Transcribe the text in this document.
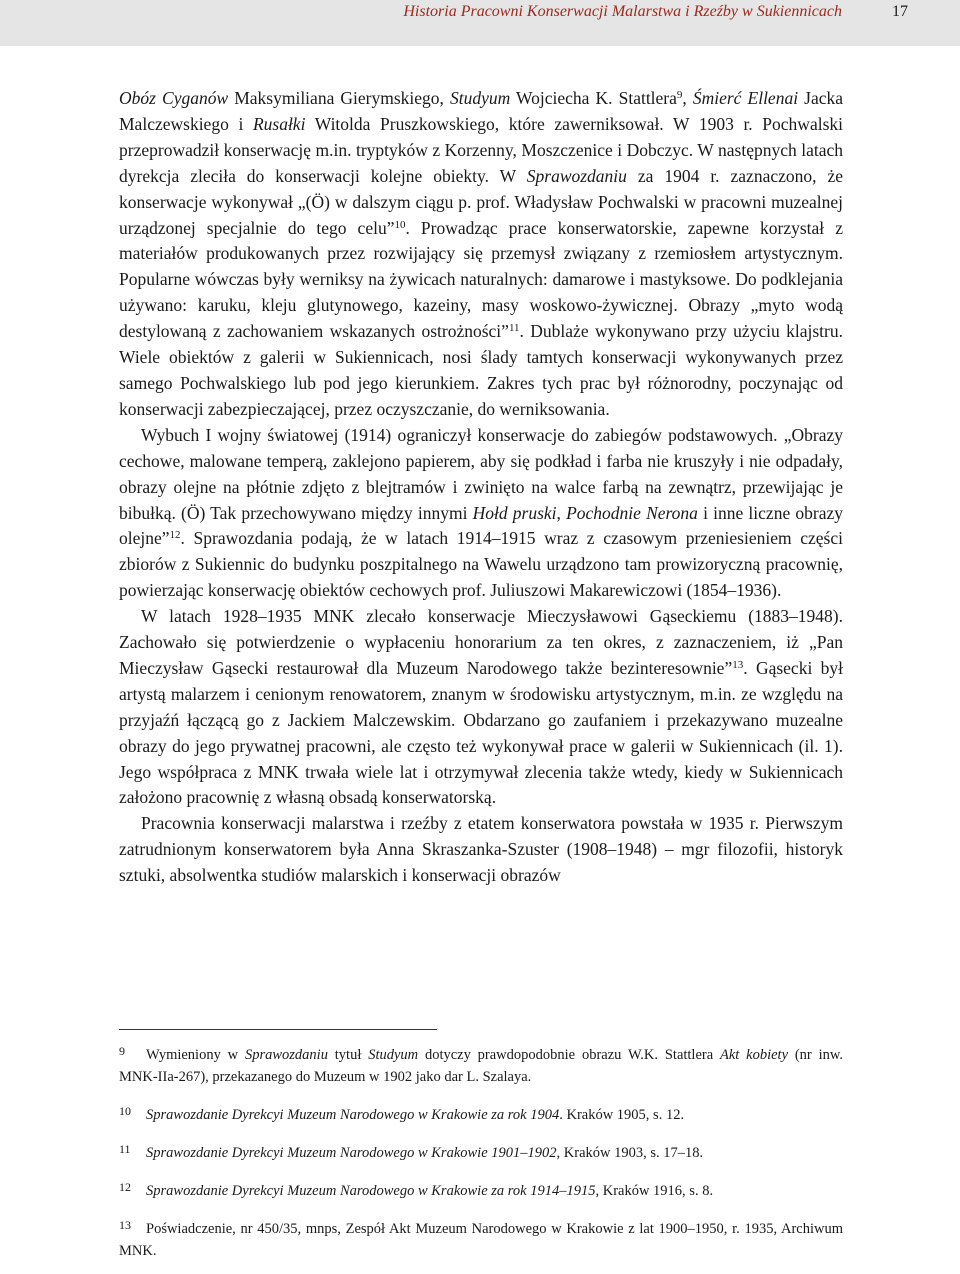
Historia Pracowni Konserwacji Malarstwa i Rzeźby w Sukiennicach	17

Obóz Cyganów Maksymiliana Gierymskiego, Studyum Wojciecha K. Stattlera$^9$, Śmierć Ellenai Jacka Malczewskiego i Rusałki Witolda Pruszkowskiego, które zawerniksował. W 1903 r. Pochwalski przeprowadził konserwację m.in. tryptyków z Korzenny, Moszczenice i Dobczyc. W następnych latach dyrekcja zleciła do konserwacji kolejne obiekty. W Sprawozdaniu za 1904 r. zaznaczono, że konserwacje wykonywał „(Ö) w dalszym ciągu p. prof. Władysław Pochwalski w pracowni muzealnej urządzonej specjalnie do tego celu”$^{10}$. Prowadząc prace konserwatorskie, zapewne korzystał z materiałów produkowanych przez rozwijający się przemysł związany z rzemiosłem artystycznym. Popularne wówczas były werniksy na żywicach naturalnych: damarowe i mastyksowe. Do podklejania używano: karuku, kleju glutynowego, kazeiny, masy woskowo-żywicznej. Obrazy „myto wodą destylowaną z zachowaniem wskazanych ostrożności”$^{11}$. Dublaże wykonywano przy użyciu klajstru. Wiele obiektów z galerii w Sukiennicach, nosi ślady tamtych konserwacji wykonywanych przez samego Pochwalskiego lub pod jego kierunkiem. Zakres tych prac był różnorodny, poczynając od konserwacji zabezpieczającej, przez oczyszczanie, do werniksowania.

Wybuch I wojny światowej (1914) ograniczył konserwacje do zabiegów podstawowych. „Obrazy cechowe, malowane temperą, zaklejono papierem, aby się podkład i farba nie kruszyły i nie odpadały, obrazy olejne na płótnie zdjęto z blejtramów i zwinięto na walce farbą na zewnątrz, przewijając je bibułką. (Ö) Tak przechowywano między innymi Hołd pruski, Pochodnie Nerona i inne liczne obrazy olejne”$^{12}$. Sprawozdania podają, że w latach 1914–1915 wraz z czasowym przeniesieniem części zbiorów z Sukiennic do budynku poszpitalnego na Wawelu urządzono tam prowizoryczną pracownię, powierzając konserwację obiektów cechowych prof. Juliuszowi Makarewiczowi (1854–1936).

W latach 1928–1935 MNK zlecało konserwacje Mieczysławowi Gąseckiemu (1883–1948). Zachowało się potwierdzenie o wypłaceniu honorarium za ten okres, z zaznaczeniem, iż „Pan Mieczysław Gąsecki restaurował dla Muzeum Narodowego także bezinteresownie”$^{13}$. Gąsecki był artystą malarzem i cenionym renowatorem, znanym w środowisku artystycznym, m.in. ze względu na przyjaźń łączącą go z Jackiem Malczewskim. Obdarzano go zaufaniem i przekazywano muzealne obrazy do jego prywatnej pracowni, ale często też wykonywał prace w galerii w Sukiennicach (il. 1). Jego współpraca z MNK trwała wiele lat i otrzymywał zlecenia także wtedy, kiedy w Sukiennicach założono pracownię z własną obsadą konserwatorską.

Pracownia konserwacji malarstwa i rzeźby z etatem konserwatora powstała w 1935 r. Pierwszym zatrudnionym konserwatorem była Anna Skraszanka-Szuster (1908–1948) – mgr filozofii, historyk sztuki, absolwentka studiów malarskich i konserwacji obrazów

9 Wymieniony w Sprawozdaniu tytuł Studyum dotyczy prawdopodobnie obrazu W.K. Stattlera Akt kobiety (nr inw. MNK-IIa-267), przekazanego do Muzeum w 1902 jako dar L. Szalaya.
10 Sprawozdanie Dyrekcyi Muzeum Narodowego w Krakowie za rok 1904. Kraków 1905, s. 12.
11 Sprawozdanie Dyrekcyi Muzeum Narodowego w Krakowie 1901–1902, Kraków 1903, s. 17–18.
12 Sprawozdanie Dyrekcyi Muzeum Narodowego w Krakowie za rok 1914–1915, Kraków 1916, s. 8.
13 Poświadczenie, nr 450/35, mnps, Zespół Akt Muzeum Narodowego w Krakowie z lat 1900–1950, r. 1935, Archiwum MNK.
